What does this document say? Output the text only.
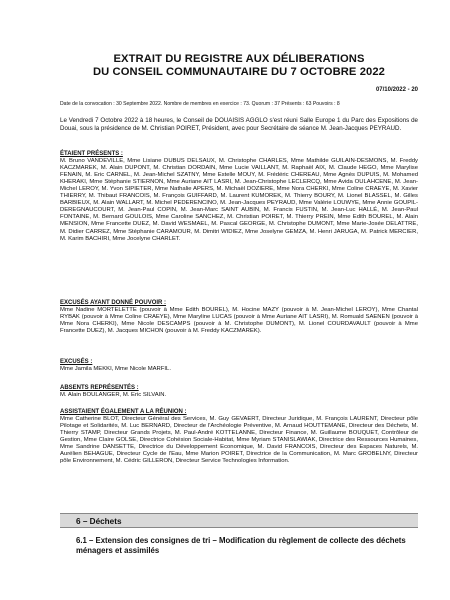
EXTRAIT DU REGISTRE AUX DÉLIBERATIONS
DU CONSEIL COMMUNAUTAIRE DU 7 OCTOBRE 2022
07/10/2022 - 20
Date de la convocation : 30 Septembre 2022. Nombre de membres en exercice : 73. Quorum : 37 Présents : 63 Pouvoirs : 8
Le Vendredi 7 Octobre 2022 à 18 heures, le Conseil de DOUAISIS AGGLO s'est réuni Salle Europe 1 du Parc des Expositions de Douai, sous la présidence de M. Christian POIRET, Président, avec pour Secrétaire de séance M. Jean-Jacques PEYRAUD.
ÉTAIENT PRÉSENTS :
M. Bruno VANDEVILLE, Mme Lisiane DUBUS DELSAUX, M. Christophe CHARLES, Mme Mathilde GUILAIN-DESMONS, M. Freddy KACZMAREK, M. Alain DUPONT, M. Christian DORDAIN, Mme Lucie VAILLANT, M. Raphaël AIX, M. Claude HEGO, Mme Marylise FENAIN, M. Eric CARNEL, M. Jean-Michel SZATNY, Mme Estelle MOUY, M. Frédéric CHEREAU, Mme Agnès DUPUIS, M. Mohamed KHERAKI, Mme Stéphanie STIERNON, Mme Auriane AIT LASRI, M. Jean-Christophe LECLERCQ, Mme Avida OULAHCENE, M. Jean-Michel LEROY, M. Yvon SIPIETER, Mme Nathalie APERS, M. Michaël DOZIERE, Mme Nora CHERKI, Mme Coline CRAEYE, M. Xavier THIERRY, M. Thibaut FRANCOIS, M. François GUIFFARD, M. Laurent KUMOREK, M. Thierry BOURY, M. Lionel BLASSEL, M. Gilles BARBIEUX, M. Alain WALLART, M. Michel PEDERENCINO, M. Jean-Jacques PEYRAUD, Mme Valérie LOUWYE, Mme Annie GOUPIL-DEREGNAUCOURT, M. Jean-Paul COPIN, M. Jean-Marc SAINT AUBIN, M. Francis FUSTIN, M. Jean-Luc HALLÉ, M. Jean-Paul FONTAINE, M. Bernard GOULOIS, Mme Caroline SANCHEZ, M. Christian POIRET, M. Thierry PREIN, Mme Edith BOUREL, M. Alain MENSION, Mme Francette DUEZ, M. David WESMAEL, M. Pascal GEORGE, M. Christophe DUMONT, Mme Marie-Josée DELATTRE, M. Didier CARREZ, Mme Stéphanie CARAMOUR, M. Dimitri WIDIEZ, Mme Joselyne GEMZA, M. Henri JARUGA, M. Patrick MERCIER, M. Karim BACHIRI, Mme Jocelyne CHARLET.
EXCUSÉS AYANT DONNÉ POUVOIR :
Mme Nadine MORTELETTE (pouvoir à Mme Edith BOUREL), M. Hocine MAZY (pouvoir à M. Jean-Michel LEROY), Mme Chantal RYBAK (pouvoir à Mme Coline CRAEYE), Mme Maryline LUCAS (pouvoir à Mme Auriane AIT LASRI), M. Romuald SAENEN (pouvoir à Mme Nora CHERKI), Mme Nicole DESCAMPS (pouvoir à M. Christophe DUMONT), M. Lionel COURDAVAULT (pouvoir à Mme Francette DUEZ), M. Jacques MICHON (pouvoir à M. Freddy KACZMAREK).
EXCUSÉS :
Mme Jamila MEKKI, Mme Nicole MARFIL.
ABSENTS REPRÉSENTÉS :
M. Alain BOULANGER, M. Eric SILVAIN.
ASSISTAIENT ÉGALEMENT A LA RÉUNION :
Mme Catherine BLOT, Directeur Général des Services, M. Guy GEVAERT, Directeur Juridique, M. François LAURENT, Directeur pôle Pilotage et Solidarités, M. Luc BERNARD, Directeur de l'Archéologie Préventive, M. Arnaud HOUTTEMANE, Directeur des Déchets, M. Thierry STAMP, Directeur Grands Projets, M. Paul-André KOTTELANNE, Directeur Finance, M. Guillaume BOUQUET, Contrôleur de Gestion, Mme Claire GOLSE, Directrice Cohésion Sociale-Habitat, Mme Myriam STANISLAWIAK, Directrice des Ressources Humaines, Mme Sandrine DANSETTE, Directrice du Développement Economique, M. David FRANCOIS, Directeur des Espaces Naturels, M. Aurélien BEHAGUE, Directeur Cycle de l'Eau, Mme Marion POIRET, Directrice de la Communication, M. Marc GROBELNY, Directeur pôle Environnement, M. Cédric GILLERON, Directeur Service Technologies Information.
6 – Déchets
6.1 – Extension des consignes de tri – Modification du règlement de collecte des déchets ménagers et assimilés
